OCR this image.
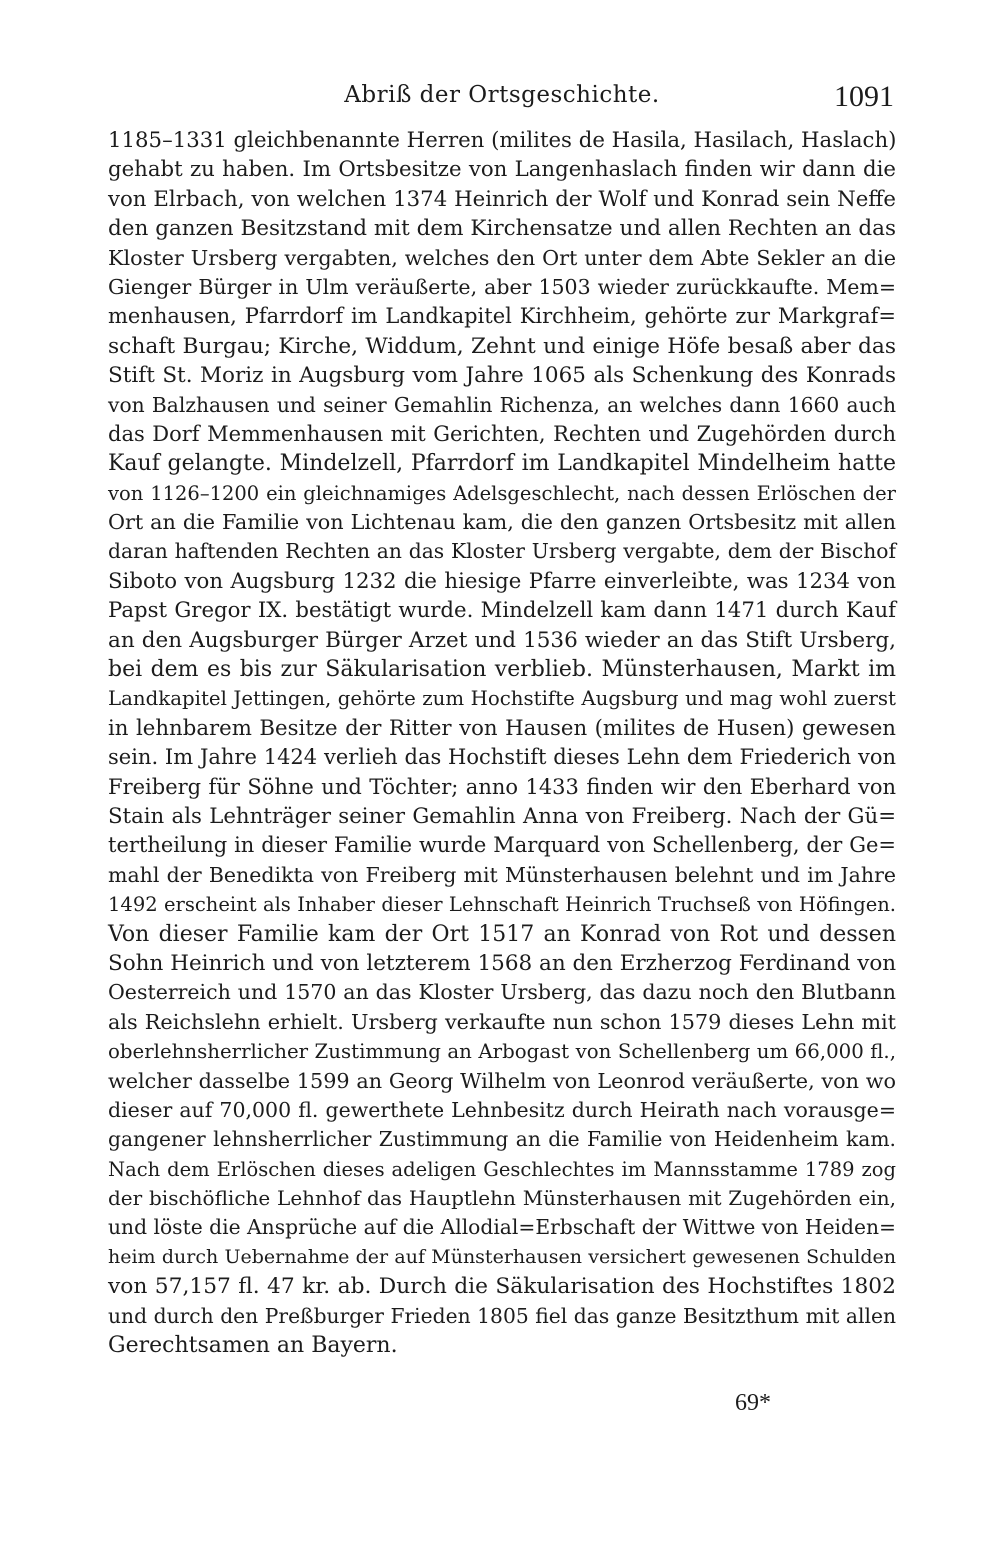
Abriß der Ortsgeschichte.	1091
1185–1331 gleichbenannte Herren (milites de Hasila, Hasilach, Haslach)
gehabt zu haben. Im Ortsbesitze von Langenhaslach finden wir dann die
von Elrbach, von welchen 1374 Heinrich der Wolf und Konrad sein Neffe
den ganzen Besitzstand mit dem Kirchensatze und allen Rechten an das
Kloster Ursberg vergabten, welches den Ort unter dem Abte Sekler an die
Gienger Bürger in Ulm veräußerte, aber 1503 wieder zurückkaufte. Mem=
menhausen, Pfarrdorf im Landkapitel Kirchheim, gehörte zur Markgraf=
schaft Burgau; Kirche, Widdum, Zehnt und einige Höfe besaß aber das
Stift St. Moriz in Augsburg vom Jahre 1065 als Schenkung des Konrads
von Balzhausen und seiner Gemahlin Richenza, an welches dann 1660 auch
das Dorf Memmenhausen mit Gerichten, Rechten und Zugehörden durch
Kauf gelangte. Mindelzell, Pfarrdorf im Landkapitel Mindelheim hatte
von 1126–1200 ein gleichnamiges Adelsgeschlecht, nach dessen Erlöschen der
Ort an die Familie von Lichtenau kam, die den ganzen Ortsbesitz mit allen
daran haftenden Rechten an das Kloster Ursberg vergabte, dem der Bischof
Siboto von Augsburg 1232 die hiesige Pfarre einverleibte, was 1234 von
Papst Gregor IX. bestätigt wurde. Mindelzell kam dann 1471 durch Kauf
an den Augsburger Bürger Arzet und 1536 wieder an das Stift Ursberg,
bei dem es bis zur Säkularisation verblieb. Münsterhausen, Markt im
Landkapitel Jettingen, gehörte zum Hochstifte Augsburg und mag wohl zuerst
in lehnbarem Besitze der Ritter von Hausen (milites de Husen) gewesen
sein. Im Jahre 1424 verlieh das Hochstift dieses Lehn dem Friederich von
Freiberg für Söhne und Töchter; anno 1433 finden wir den Eberhard von
Stain als Lehnträger seiner Gemahlin Anna von Freiberg. Nach der Gü=
tertheilung in dieser Familie wurde Marquard von Schellenberg, der Ge=
mahl der Benedikta von Freiberg mit Münsterhausen belehnt und im Jahre
1492 erscheint als Inhaber dieser Lehnschaft Heinrich Truchseß von Höfingen.
Von dieser Familie kam der Ort 1517 an Konrad von Rot und dessen
Sohn Heinrich und von letzterem 1568 an den Erzherzog Ferdinand von
Oesterreich und 1570 an das Kloster Ursberg, das dazu noch den Blutbann
als Reichslehn erhielt. Ursberg verkaufte nun schon 1579 dieses Lehn mit
oberlehnsherrlicher Zustimmung an Arbogast von Schellenberg um 66,000 fl.,
welcher dasselbe 1599 an Georg Wilhelm von Leonrod veräußerte, von wo
dieser auf 70,000 fl. gewerthete Lehnbesitz durch Heirath nach vorausge=
gangener lehnsherrlicher Zustimmung an die Familie von Heidenheim kam.
Nach dem Erlöschen dieses adeligen Geschlechtes im Mannsstamme 1789 zog
der bischöfliche Lehnhof das Hauptlehn Münsterhausen mit Zugehörden ein,
und löste die Ansprüche auf die Allodial=Erbschaft der Wittwe von Heiden=
heim durch Uebernahme der auf Münsterhausen versichert gewesenen Schulden
von 57,157 fl. 47 kr. ab. Durch die Säkularisation des Hochstiftes 1802
und durch den Preßburger Frieden 1805 fiel das ganze Besitzthum mit allen
Gerechtsamen an Bayern.
69*
